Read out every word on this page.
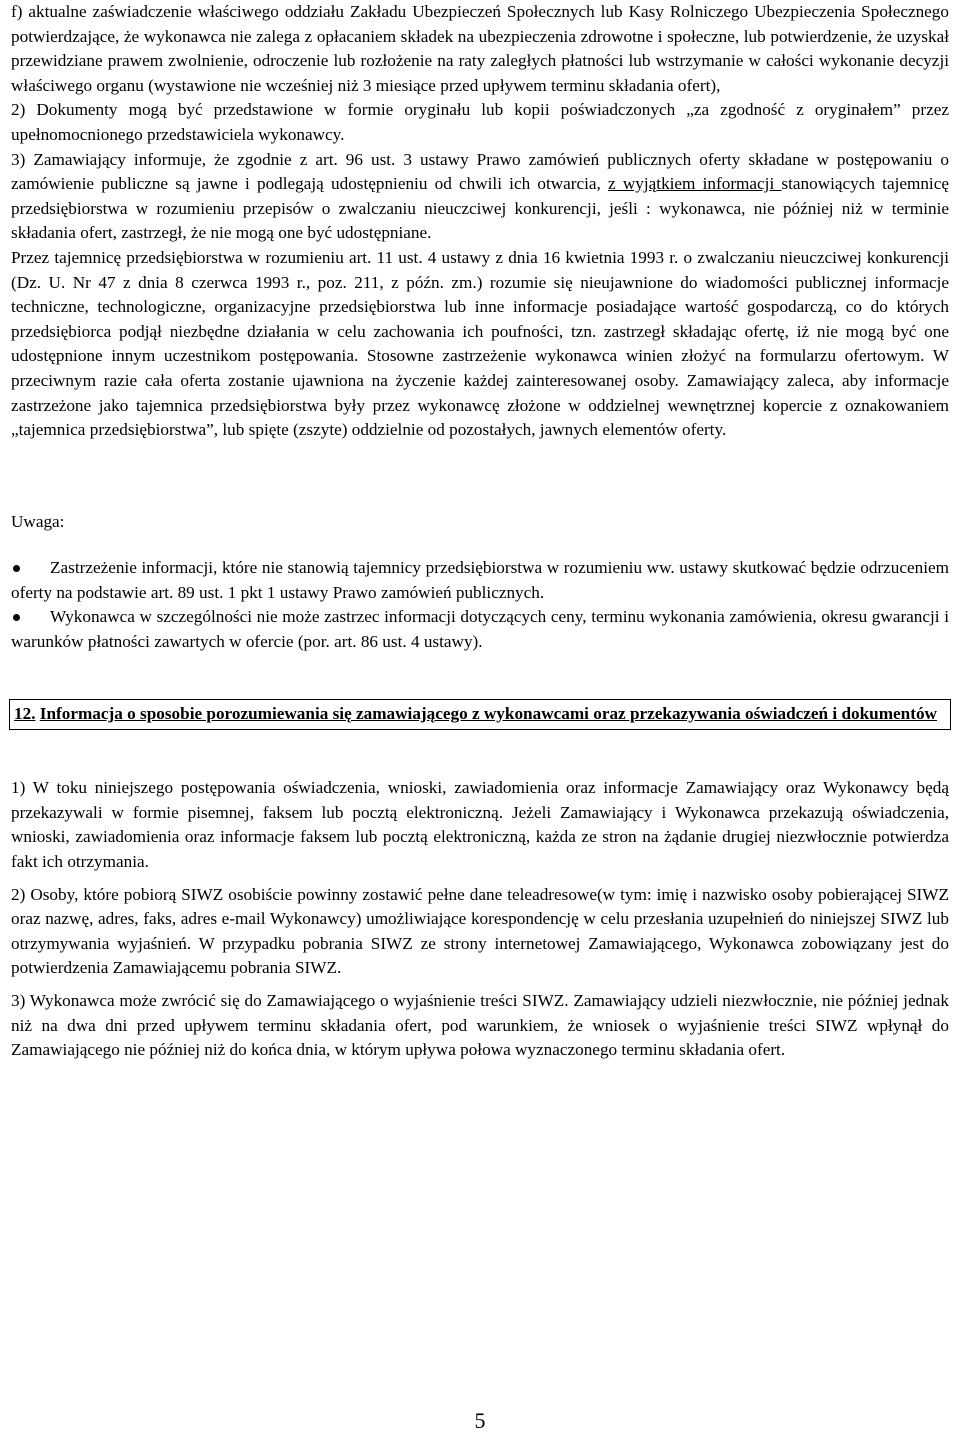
f) aktualne zaświadczenie właściwego oddziału Zakładu Ubezpieczeń Społecznych lub Kasy Rolniczego Ubezpieczenia Społecznego potwierdzające, że wykonawca nie zalega z opłacaniem składek na ubezpieczenia zdrowotne i społeczne, lub potwierdzenie, że uzyskał przewidziane prawem zwolnienie, odroczenie lub rozłożenie na raty zaległych płatności lub wstrzymanie w całości wykonanie decyzji właściwego organu (wystawione nie wcześniej niż 3 miesiące przed upływem terminu składania ofert),

2) Dokumenty mogą być przedstawione w formie oryginału lub kopii poświadczonych „za zgodność z oryginałem” przez upełnomocnionego przedstawiciela wykonawcy.

3) Zamawiający informuje, że zgodnie z art. 96 ust. 3 ustawy Prawo zamówień publicznych oferty składane w postępowaniu o zamówienie publiczne są jawne i podlegają udostępnieniu od chwili ich otwarcia, z wyjątkiem informacji stanowiących tajemnicę przedsiębiorstwa w rozumieniu przepisów o zwalczaniu nieuczciwej konkurencji, jeśli : wykonawca, nie później niż w terminie składania ofert, zastrzegł, że nie mogą one być udostępniane.

Przez tajemnicę przedsiębiorstwa w rozumieniu art. 11 ust. 4 ustawy z dnia 16 kwietnia 1993 r. o zwalczaniu nieuczciwej konkurencji (Dz. U. Nr 47 z dnia 8 czerwca 1993 r., poz. 211, z późn. zm.) rozumie się nieujawnione do wiadomości publicznej informacje techniczne, technologiczne, organizacyjne przedsiębiorstwa lub inne informacje posiadające wartość gospodarczą, co do których przedsiębiorca podjął niezbędne działania w celu zachowania ich poufności, tzn. zastrzegł składając ofertę, iż nie mogą być one udostępnione innym uczestnikom postępowania. Stosowne zastrzeżenie wykonawca winien złożyć na formularzu ofertowym. W przeciwnym razie cała oferta zostanie ujawniona na życzenie każdej zainteresowanej osoby. Zamawiający zaleca, aby informacje zastrzeżone jako tajemnica przedsiębiorstwa były przez wykonawcę złożone w oddzielnej wewnętrznej kopercie z oznakowaniem „tajemnica przedsiębiorstwa”, lub spięte (zszyte) oddzielnie od pozostałych, jawnych elementów oferty.

Uwaga:

Zastrzeżenie informacji, które nie stanowią tajemnicy przedsiębiorstwa w rozumieniu ww. ustawy skutkować będzie odrzuceniem oferty na podstawie art. 89 ust. 1 pkt 1 ustawy Prawo zamówień publicznych.

Wykonawca w szczególności nie może zastrzec informacji dotyczących ceny, terminu wykonania zamówienia, okresu gwarancji i warunków płatności zawartych w ofercie (por. art. 86 ust. 4 ustawy).

12. Informacja o sposobie porozumiewania się zamawiającego z wykonawcami oraz przekazywania oświadczeń i dokumentów

1) W toku niniejszego postępowania oświadczenia, wnioski, zawiadomienia oraz informacje Zamawiający oraz Wykonawcy będą przekazywali w formie pisemnej, faksem lub pocztą elektroniczną. Jeżeli Zamawiający i Wykonawca przekazują oświadczenia, wnioski, zawiadomienia oraz informacje faksem lub pocztą elektroniczną, każda ze stron na żądanie drugiej niezwłocznie potwierdza fakt ich otrzymania.

2) Osoby, które pobiorą SIWZ osobiście powinny zostawić pełne dane teleadresowe(w tym: imię i nazwisko osoby pobierającej SIWZ oraz nazwę, adres, faks, adres e-mail Wykonawcy) umożliwiające korespondencję w celu przesłania uzupełnień do niniejszej SIWZ lub otrzymywania wyjaśnień. W przypadku pobrania SIWZ ze strony internetowej Zamawiającego, Wykonawca zobowiązany jest do potwierdzenia Zamawiającemu pobrania SIWZ.

3) Wykonawca może zwrócić się do Zamawiającego o wyjaśnienie treści SIWZ. Zamawiający udzieli niezwłocznie, nie później jednak niż na dwa dni przed upływem terminu składania ofert, pod warunkiem, że wniosek o wyjaśnienie treści SIWZ wpłynął do Zamawiającego nie później niż do końca dnia, w którym upływa połowa wyznaczonego terminu składania ofert.

5
